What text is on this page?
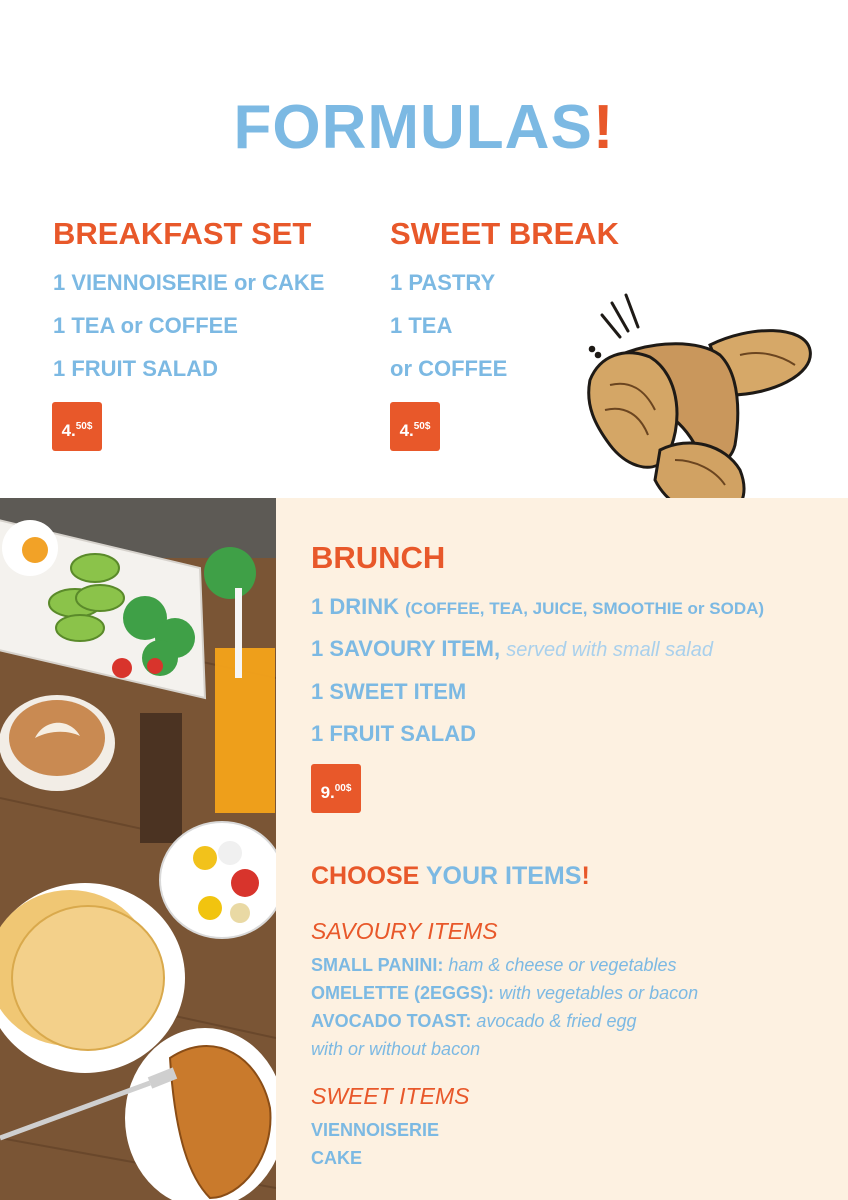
FORMULAS!
BREAKFAST SET
1 VIENNOISERIE or CAKE
1 TEA or COFFEE
1 FRUIT SALAD
4.$^{50\$}$
SWEET BREAK
1 PASTRY
1 TEA
or COFFEE
4.$^{50\$}$
BRUNCH
1 DRINK (COFFEE, TEA, JUICE, SMOOTHIE or SODA)
1 SAVOURY ITEM, served with small salad
1 SWEET ITEM
1 FRUIT SALAD
9.$^{00\$}$
CHOOSE YOUR ITEMS!
SAVOURY ITEMS
SMALL PANINI: ham & cheese or vegetables
OMELETTE (2EGGS): with vegetables or bacon
AVOCADO TOAST: avocado & fried egg
with or without bacon
SWEET ITEMS
VIENNOISERIE
CAKE
